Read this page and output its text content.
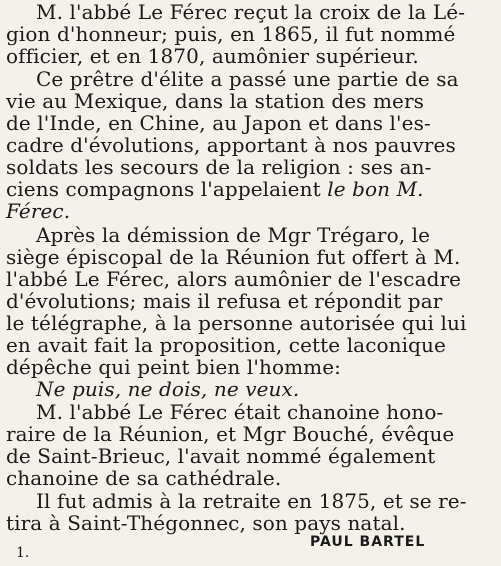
M. l'abbé Le Férec reçut la croix de la Lé-
gion d'honneur; puis, en 1865, il fut nommé
officier, et en 1870, aumônier supérieur.
Ce prêtre d'élite a passé une partie de sa
vie au Mexique, dans la station des mers
de l'Inde, en Chine, au Japon et dans l'es-
cadre d'évolutions, apportant à nos pauvres
soldats les secours de la religion : ses an-
ciens compagnons l'appelaient le bon M.
Férec.
Après la démission de Mgr Trégaro, le
siège épiscopal de la Réunion fut offert à M.
l'abbé Le Férec, alors aumônier de l'escadre
d'évolutions; mais il refusa et répondit par
le télégraphe, à la personne autorisée qui lui
en avait fait la proposition, cette laconique
dépêche qui peint bien l'homme:
Ne puis, ne dois, ne veux.
M. l'abbé Le Férec était chanoine hono-
raire de la Réunion, et Mgr Bouché, évêque
de Saint-Brieuc, l'avait nommé également
chanoine de sa cathédrale.
Il fut admis à la retraite en 1875, et se re-
tira à Saint-Thégonnec, son pays natal.
PAUL BARTEL
1.
